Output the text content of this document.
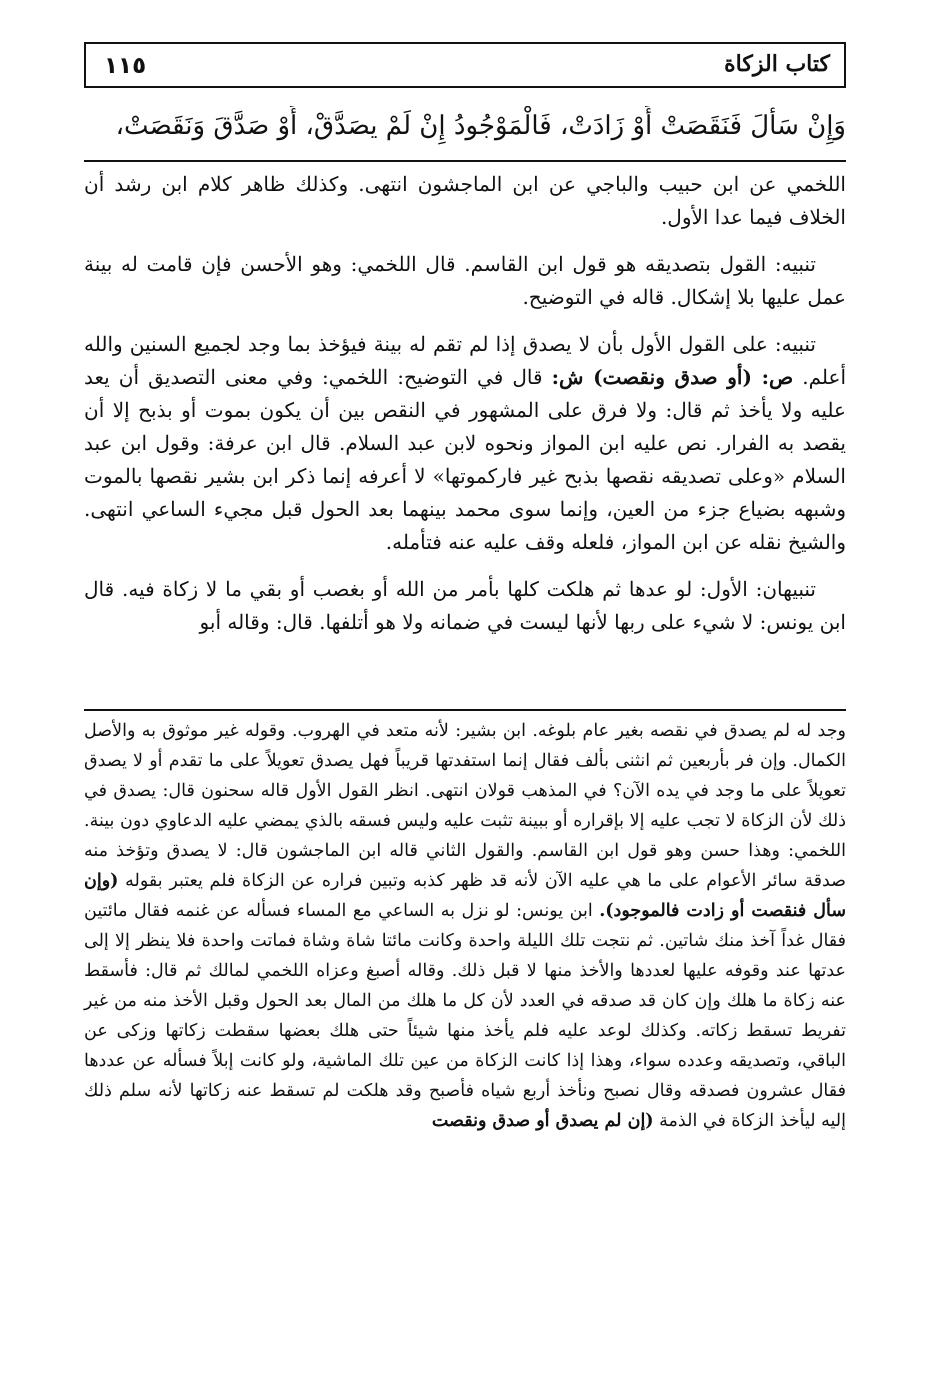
١١٥	كتاب الزكاة
وَإِنْ سَأَلَ فَنَقَصَتْ أَوْ زَادَتْ، فَالْمَوْجُودُ إِنْ لَمْ يصَدَّقْ، أَوْ صَدَّقَ وَنَقَصَتْ،

اللخمي عن ابن حبيب والباجي عن ابن الماجشون انتهى. وكذلك ظاهر كلام ابن رشد أن الخلاف فيما عدا الأول.

تنبيه: القول بتصديقه هو قول ابن القاسم. قال اللخمي: وهو الأحسن فإن قامت له بينة عمل عليها بلا إشكال. قاله في التوضيح.

تنبيه: على القول الأول بأن لا يصدق إذا لم تقم له بينة فيؤخذ بما وجد لجميع السنين والله أعلم. ص: (أو صدق ونقصت) ش: قال في التوضيح: اللخمي: وفي معنى التصديق أن يعد عليه ولا يأخذ ثم قال: ولا فرق على المشهور في النقص بين أن يكون بموت أو بذبح إلا أن يقصد به الفرار. نص عليه ابن المواز ونحوه لابن عبد السلام. قال ابن عرفة: وقول ابن عبد السلام «وعلى تصديقه نقصها بذبح غير فاركموتها» لا أعرفه إنما ذكر ابن بشير نقصها بالموت وشبهه بضياع جزء من العين، وإنما سوى محمد بينهما بعد الحول قبل مجيء الساعي انتهى. والشيخ نقله عن ابن المواز، فلعله وقف عليه عنه فتأمله.

تنبيهان: الأول: لو عدها ثم هلكت كلها بأمر من الله أو بغصب أو بقي ما لا زكاة فيه. قال ابن يونس: لا شيء على ربها لأنها ليست في ضمانه ولا هو أتلفها. قال: وقاله أبو

وجد له لم يصدق في نقصه بغير عام بلوغه. ابن بشير: لأنه متعد في الهروب. وقوله غير موثوق به والأصل الكمال. وإن فر بأربعين ثم انثنى بألف فقال إنما استفدتها قريباً فهل يصدق تعويلاً على ما تقدم أو لا يصدق تعويلاً على ما وجد في يده الآن؟ في المذهب قولان انتهى. انظر القول الأول قاله سحنون قال: يصدق في ذلك لأن الزكاة لا تجب عليه إلا بإقراره أو ببينة تثبت عليه وليس فسقه بالذي يمضي عليه الدعاوي دون بينة. اللخمي: وهذا حسن وهو قول ابن القاسم. والقول الثاني قاله ابن الماجشون قال: لا يصدق وتؤخذ منه صدقة سائر الأعوام على ما هي عليه الآن لأنه قد ظهر كذبه وتبين فراره عن الزكاة فلم يعتبر بقوله (وإن سأل فنقصت أو زادت فالموجود). ابن يونس: لو نزل به الساعي مع المساء فسأله عن غنمه فقال مائتين فقال غداً آخذ منك شاتين. ثم نتجت تلك الليلة واحدة وكانت مائتا شاة وشاة فماتت واحدة فلا ينظر إلا إلى عدتها عند وقوفه عليها لعددها والأخذ منها لا قبل ذلك. وقاله أصبغ وعزاه اللخمي لمالك ثم قال: فأسقط عنه زكاة ما هلك وإن كان قد صدقه في العدد لأن كل ما هلك من المال بعد الحول وقبل الأخذ منه من غير تفريط تسقط زكاته. وكذلك لوعد عليه فلم يأخذ منها شيئاً حتى هلك بعضها سقطت زكاتها وزكى عن الباقي، وتصديقه وعدده سواء، وهذا إذا كانت الزكاة من عين تلك الماشية، ولو كانت إبلاً فسأله عن عددها فقال عشرون فصدقه وقال نصبح ونأخذ أربع شياه فأصبح وقد هلكت لم تسقط عنه زكاتها لأنه سلم ذلك إليه ليأخذ الزكاة في الذمة (إن لم يصدق أو صدق ونقصت
